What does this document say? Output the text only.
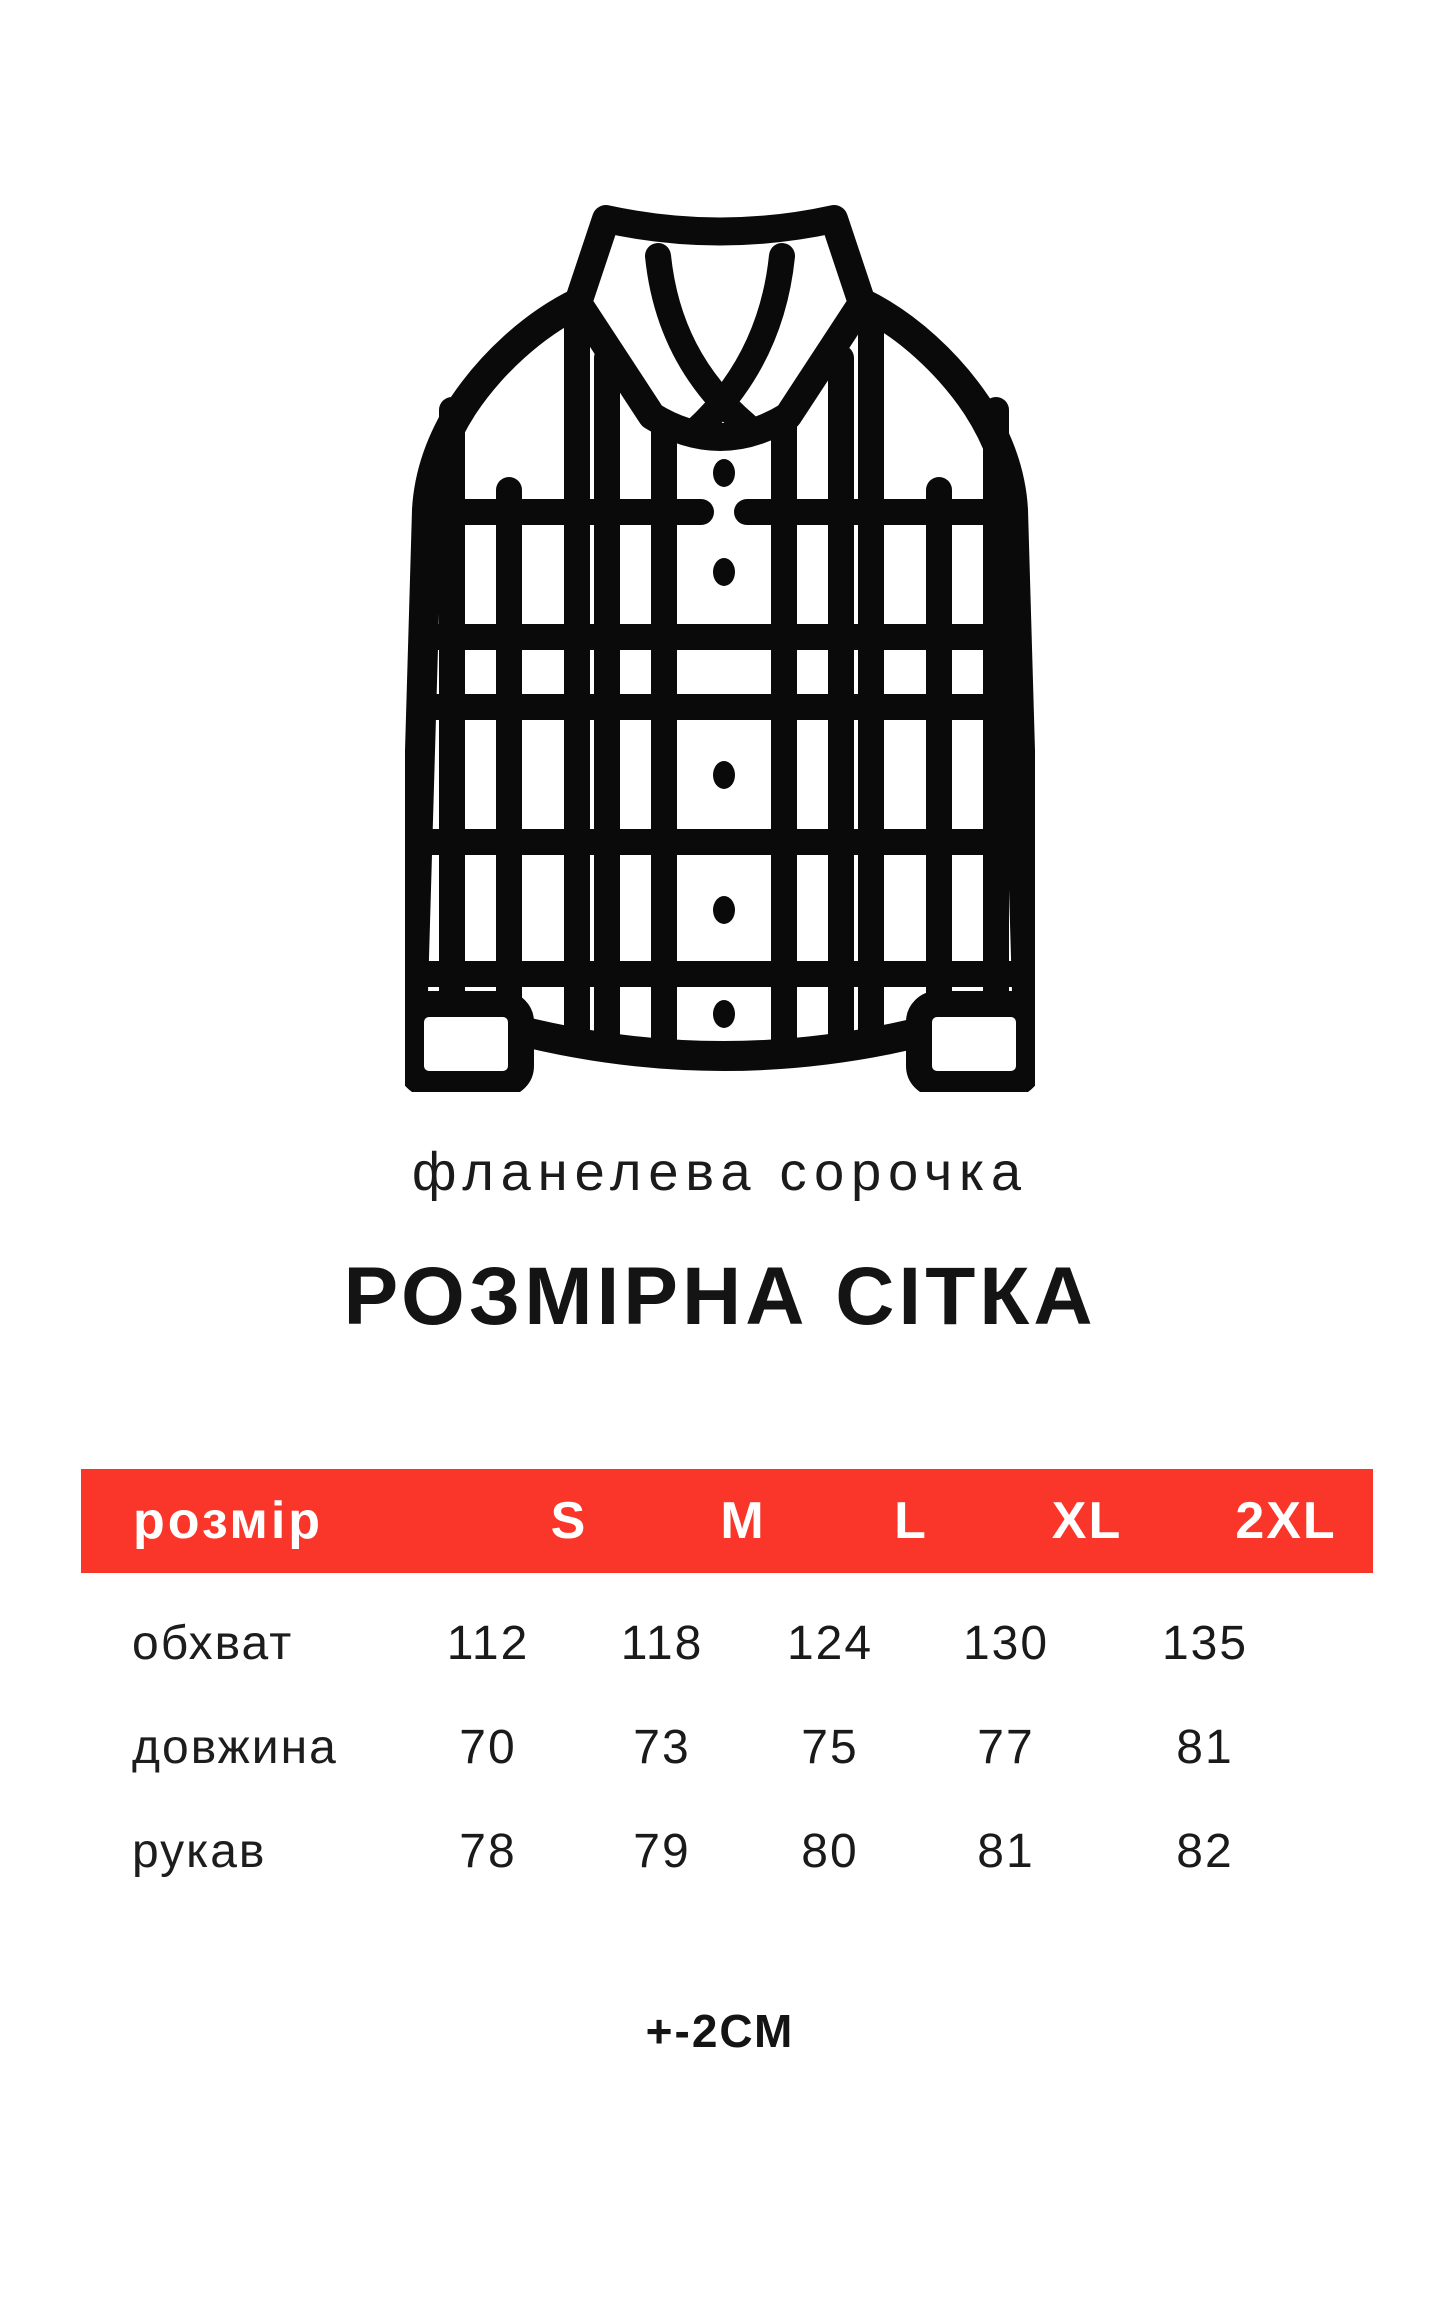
фланелева сорочка
РОЗМІРНА СІТКА
розмір	S	M L XL 2XL
обхват	112 118 124 130 135
довжина	70 73 75 77	81
рукав	78 79 80 81	82
+-2СМ
